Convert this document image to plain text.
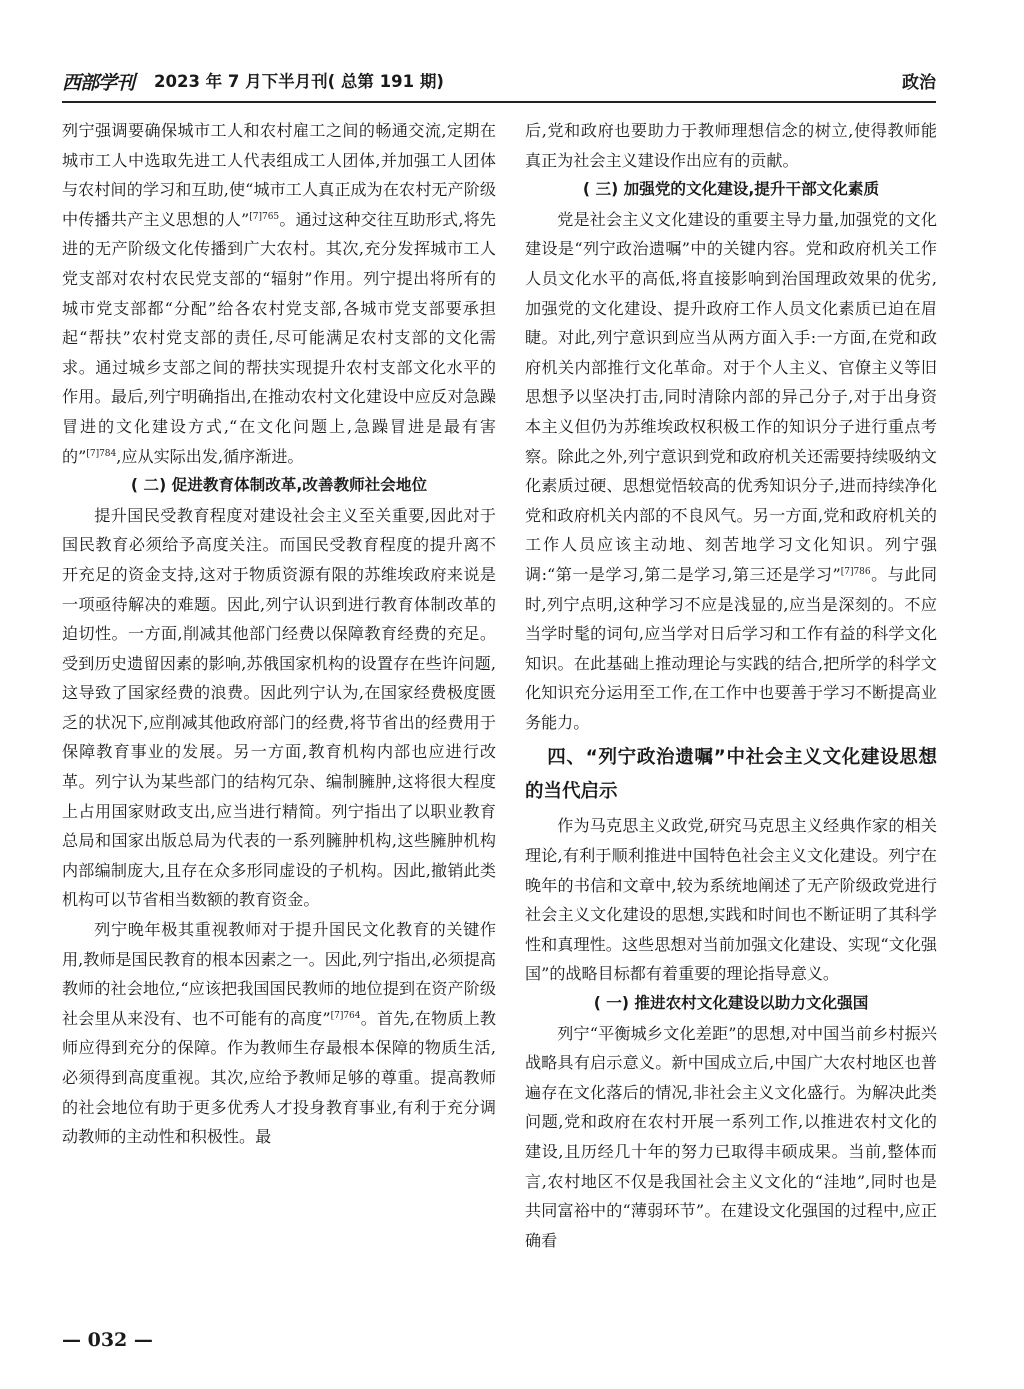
西部学刊 2023 年 7 月下半月刊( 总第 191 期)	政治

列宁强调要确保城市工人和农村雇工之间的畅通交流,定期在城市工人中选取先进工人代表组成工人团体,并加强工人团体与农村间的学习和互助,使“城市工人真正成为在农村无产阶级中传播共产主义思想的人”$^{[7]765}$。通过这种交往互助形式,将先进的无产阶级文化传播到广大农村。其次,充分发挥城市工人党支部对农村农民党支部的“辐射”作用。列宁提出将所有的城市党支部都“分配”给各农村党支部,各城市党支部要承担起“帮扶”农村党支部的责任,尽可能满足农村支部的文化需求。通过城乡支部之间的帮扶实现提升农村支部文化水平的作用。最后,列宁明确指出,在推动农村文化建设中应反对急躁冒进的文化建设方式,“在文化问题上,急躁冒进是最有害的”$^{[7]784}$,应从实际出发,循序渐进。

( 二) 促进教育体制改革,改善教师社会地位

提升国民受教育程度对建设社会主义至关重要,因此对于国民教育必须给予高度关注。而国民受教育程度的提升离不开充足的资金支持,这对于物质资源有限的苏维埃政府来说是一项亟待解决的难题。因此,列宁认识到进行教育体制改革的迫切性。一方面,削减其他部门经费以保障教育经费的充足。受到历史遗留因素的影响,苏俄国家机构的设置存在些许问题,这导致了国家经费的浪费。因此列宁认为,在国家经费极度匮乏的状况下,应削减其他政府部门的经费,将节省出的经费用于保障教育事业的发展。另一方面,教育机构内部也应进行改革。列宁认为某些部门的结构冗杂、编制臃肿,这将很大程度上占用国家财政支出,应当进行精简。列宁指出了以职业教育总局和国家出版总局为代表的一系列臃肿机构,这些臃肿机构内部编制庞大,且存在众多形同虚设的子机构。因此,撤销此类机构可以节省相当数额的教育资金。

列宁晚年极其重视教师对于提升国民文化教育的关键作用,教师是国民教育的根本因素之一。因此,列宁指出,必须提高教师的社会地位,“应该把我国国民教师的地位提到在资产阶级社会里从来没有、也不可能有的高度”$^{[7]764}$。首先,在物质上教师应得到充分的保障。作为教师生存最根本保障的物质生活,必须得到高度重视。其次,应给予教师足够的尊重。提高教师的社会地位有助于更多优秀人才投身教育事业,有利于充分调动教师的主动性和积极性。最

后,党和政府也要助力于教师理想信念的树立,使得教师能真正为社会主义建设作出应有的贡献。

( 三) 加强党的文化建设,提升干部文化素质

党是社会主义文化建设的重要主导力量,加强党的文化建设是“列宁政治遗嘱”中的关键内容。党和政府机关工作人员文化水平的高低,将直接影响到治国理政效果的优劣,加强党的文化建设、提升政府工作人员文化素质已迫在眉睫。对此,列宁意识到应当从两方面入手:一方面,在党和政府机关内部推行文化革命。对于个人主义、官僚主义等旧思想予以坚决打击,同时清除内部的异己分子,对于出身资本主义但仍为苏维埃政权积极工作的知识分子进行重点考察。除此之外,列宁意识到党和政府机关还需要持续吸纳文化素质过硬、思想觉悟较高的优秀知识分子,进而持续净化党和政府机关内部的不良风气。另一方面,党和政府机关的工作人员应该主动地、刻苦地学习文化知识。列宁强调:“第一是学习,第二是学习,第三还是学习”$^{[7]786}$。与此同时,列宁点明,这种学习不应是浅显的,应当是深刻的。不应当学时髦的词句,应当学对日后学习和工作有益的科学文化知识。在此基础上推动理论与实践的结合,把所学的科学文化知识充分运用至工作,在工作中也要善于学习不断提高业务能力。

四、“列宁政治遗嘱”中社会主义文化建设思想的当代启示

作为马克思主义政党,研究马克思主义经典作家的相关理论,有利于顺利推进中国特色社会主义文化建设。列宁在晚年的书信和文章中,较为系统地阐述了无产阶级政党进行社会主义文化建设的思想,实践和时间也不断证明了其科学性和真理性。这些思想对当前加强文化建设、实现“文化强国”的战略目标都有着重要的理论指导意义。

( 一) 推进农村文化建设以助力文化强国

列宁“平衡城乡文化差距”的思想,对中国当前乡村振兴战略具有启示意义。新中国成立后,中国广大农村地区也普遍存在文化落后的情况,非社会主义文化盛行。为解决此类问题,党和政府在农村开展一系列工作,以推进农村文化的建设,且历经几十年的努力已取得丰硕成果。当前,整体而言,农村地区不仅是我国社会主义文化的“洼地”,同时也是共同富裕中的“薄弱环节”。在建设文化强国的过程中,应正确看

— 032 —
